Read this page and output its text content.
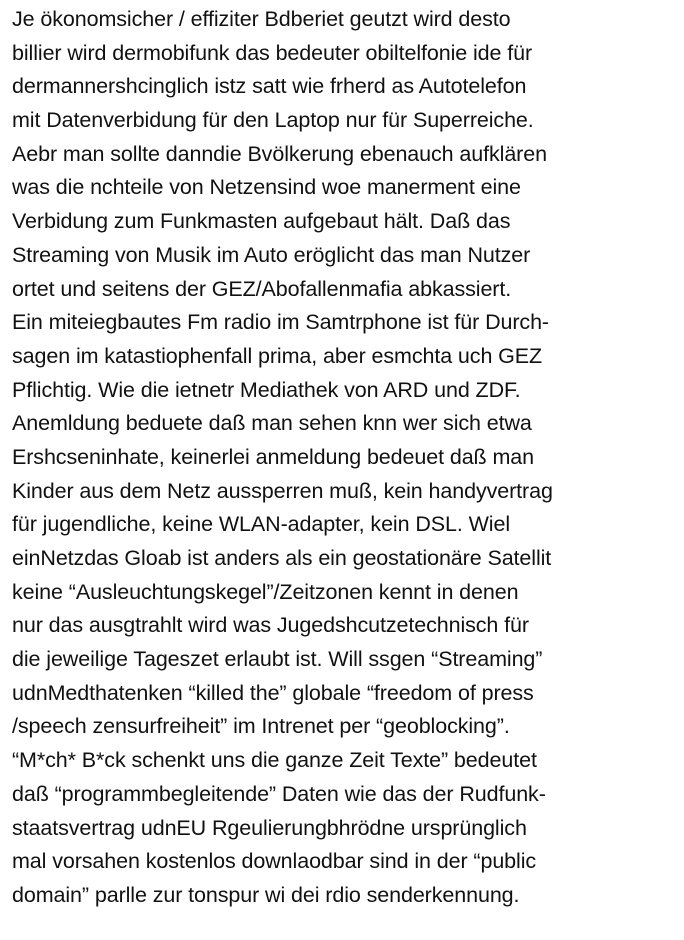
Je ökonomsicher / effiziter Bdberiet geutzt wird desto
billier wird dermobifunk das bedeuter obiltelfonie ide für
dermannershcinglich istz satt wie frherd as Autotelefon
mit Datenverbidung für den Laptop nur für Superreiche.
Aebr man sollte danndie Bvölkerung ebenauch aufklären
was die nchteile von Netzensind woe manerment eine
Verbidung zum Funkmasten aufgebaut hält. Daß das
Streaming von Musik im Auto eröglicht das man Nutzer
ortet und seitens der GEZ/Abofallenmafia abkassiert.
Ein miteiegbautes Fm radio im Samtrphone ist für Durch-
sagen im katastiophenfall prima, aber esmchta uch GEZ
Pflichtig. Wie die ietnetr Mediathek von ARD und ZDF.
Anemldung beduete daß man sehen knn wer sich etwa
Ershcseninhate, keinerlei anmeldung bedeuet daß man
Kinder aus dem Netz aussperren muß, kein handyvertrag
für jugendliche, keine WLAN-adapter, kein DSL. Wiel
einNetzdas Gloab ist anders als ein geostationäre Satellit
keine “Ausleuchtungskegel”/Zeitzonen kennt in denen
nur das ausgtrahlt wird was Jugedshcutzetechnisch für
die jeweilige Tageszet erlaubt ist. Will ssgen “Streaming”
udnMedthatenken “killed the” globale “freedom of press
/speech zensurfreiheit” im Intrenet per “geoblocking”.
“M*ch* B*ck schenkt uns die ganze Zeit Texte” bedeutet
daß “programmbegleitende” Daten wie das der Rudfunk-
staatsvertrag udnEU Rgeulierungbhrödne ursprünglich
mal vorsahen kostenlos downlaodbar sind in der “public
domain” parlle zur tonspur wi dei rdio senderkennung.
